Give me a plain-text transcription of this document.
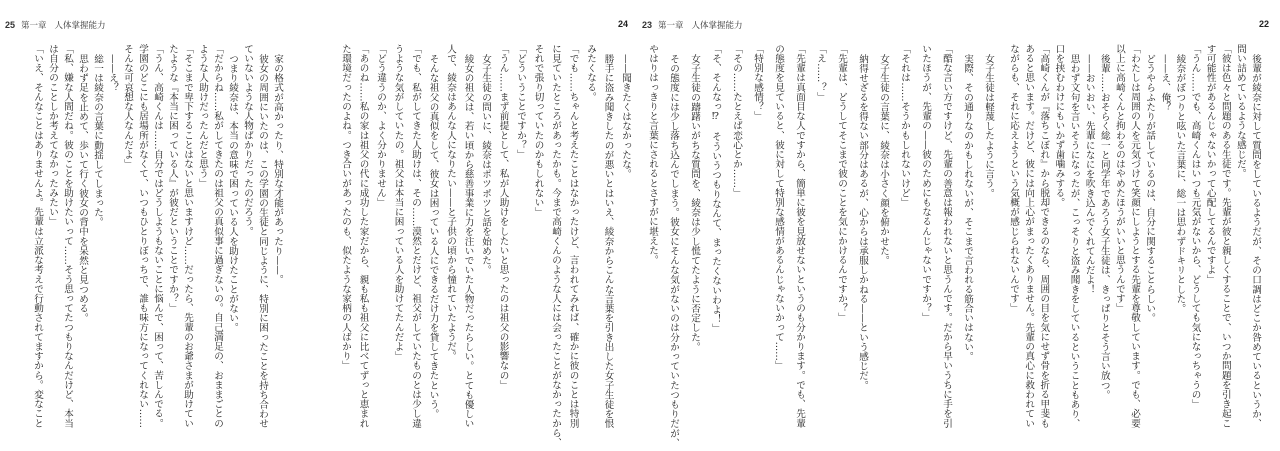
25 第一章 人体掌握能力
家の格式が高かったり、特別な才能があったり——。
彼女の周囲にいたのは、この学園の生徒と同じように、特別に困ったことを持ち合わせ
ていないような人物ばかりだったのだろう。
つまり綾奈は、本当の意味で困っている人を助けたことがない。
「だからね……私がしてきたのは祖父の真似事に過ぎないの。自己満足の、おままごとの
ような人助けだったんだと思う」
「そこまで卑下することはないと思いますけど……だったら、先輩のお爺さまが助けてい
たような『本当に困っている人』が彼だということですか？」
「うん、高崎くんは……自分ではどうしようもないことに悩んで、困って、苦しんでる。
学園のどこにも居場所がなくて、いつもひとりぼっちで、誰も味方になってくれない……
そんな可哀想な人なんだよ」
——え？
総一は綾奈の言葉に動揺してしまった。
思わず足を止めて、歩いて行く彼女の背中を呆然と見つめる。
「私、嫌な人間だね。彼のことを助けたいって……そう思ってたつもりなんだけど、本当
は自分のことしか考えてなかったみたい」
「いえ、そんなことはありませんよ。先輩は立派な考えで行動されてますから。変なこと
24
——聞きたくはなかったな。
勝手に盗み聞きしたのが悪いとはいえ、綾奈からこんな言葉を引き出した女子生徒を恨
みたくなる。
「でも……ちゃんと考えたことはなかったけど、言われてみれば、確かに彼のことは特別
に見ていたところがあったかも。今まで高崎くんのような人には会ったことがなかったから、
それで張り切っていたのかもしれない」
「どういうことですか？」
「うん……まず前提として、私が人助けをしたいと思ったのは祖父の影響なの」
女子生徒の問いに、綾奈はポツポツと話を始めた。
綾女の祖父は、若い頃から慈善事業に力を注いでいた人物だったらしい。とても優しい
人で、綾奈はあんな人になりたい——と子供の頃から憧れていたようだ。
そんな祖父の真似をして、彼女は困っている人にできるだけ力を貸してきたという。
「でも、私がしてきた人助けは、その……漠然とだけど、祖父がしていたものとは少し違
うような気がしていたの。祖父は本当に困っている人を助けてたんだよ」
「どう違うのか、よく分かりません」
「あのね……私の家は祖父の代に成功した家だから、親も私も祖父に比べてずっと恵まれ
た環境だったのよね。つき合いがあったのも、似たような家柄の人ばかり」
23 第一章 人体掌握能力
女子生徒は軽蔑したように言う。
実際、その通りなのかもしれないが、そこまで言われる筋合いはない。
「酷な言い方ですけど、先輩の善意は報われないと思うんです。だから早いうちに手を引
いたほうが、先輩の——彼のためにもなるんじゃないですか？」
「それは……そうかもしれないけど」
女子生徒の言葉に、綾奈は小さく顔を俯かせた。
納得せざるを得ない部分はあるが、心からは承服しかねる——という感じだ。
「先輩は、どうしてそこまで彼のことを気にかけるんですか？」
「え……？」
「先輩は真面目な人ですから、簡単に彼を見放せないというのも分かります。でも、先輩
の態度を見ていると、彼に対して特別な感情があるんじゃないかって……」
「特別な感情？」
「その……たとえば恋心とか……」
「そ、そんなっ⁉　そういうつもりなんて、まったくないわよ！」
女子生徒の躊躇いがちな質問を、綾奈は少し慌てたように否定した。
その態度には少し落ち込んでしまう。彼女にそんな気がないのは分かっていたつもりだが、
やはりはっきりと言葉にされるとさすがに堪えた。
22
後輩が綾奈に対して質問をしているようだが、その口調はどこか咎めているというか、
問い詰めているような感じだ。
「彼は色々と問題のある生徒です。先輩が彼と親しくすることで、いつか問題を引き起こ
す可能性があるんじゃないかって心配してるんですよ」
「うん……でも、高崎くんはいつも元気がないから、どうしても気になっちゃうの」
綾奈がぽつりと呟いた言葉に、総一は思わずドキリとした。
——え、俺？
どうやらふたりが話しているのは、自分に関することらしい。
「わたしは周囲の人を元気づけて笑顔にしようとする先輩を尊敬しています。でも、必要
以上に高崎くんと拘わるのはやめたほうがいいと思うんです」
後輩……おそらく総一と同学年であろう女子生徒は、きっぱりとそう言い放つ。
——おいおい、先輩になにを吹き込んでくれてんだよ！
思わず文句を言いそうになったが、こっそりと盗み聞きをしているということもあり、
口を挟むわけにもいかず歯噛みする。
「高崎くんが『落ちこぼれ』から脱却できるのなら、周囲の目を気にせず骨を折る甲斐も
あると思います。だけど、彼には向上心がまったくありません。先輩の真心に救われてい
ながらも、それに応えようという気概が感じられないんです」
